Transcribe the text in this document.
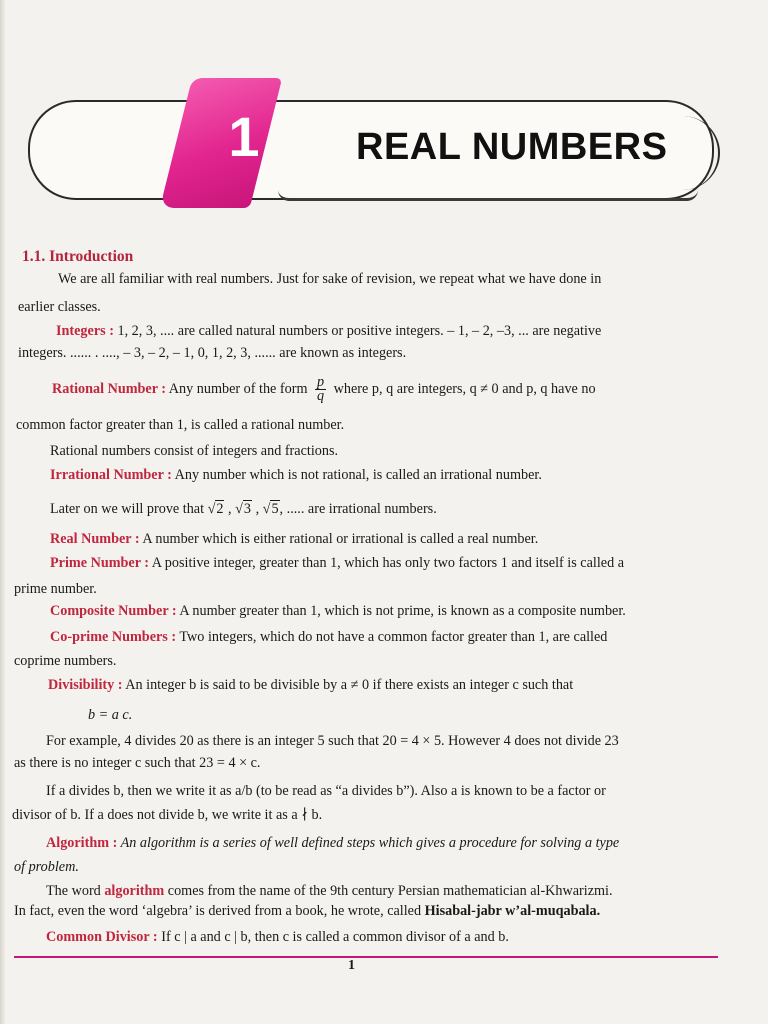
1	REAL NUMBERS
1.1. Introduction
We are all familiar with real numbers. Just for sake of revision, we repeat what we have done in
earlier classes.
Integers : 1, 2, 3, .... are called natural numbers or positive integers. – 1, – 2, –3, ... are negative
integers. ...... . ...., – 3, – 2, – 1, 0, 1, 2, 3, ...... are known as integers.
Rational Number : Any number of the form $\frac{p}{q}$ where p, q are integers, q ≠ 0 and p, q have no
common factor greater than 1, is called a rational number.
Rational numbers consist of integers and fractions.
Irrational Number : Any number which is not rational, is called an irrational number.
Later on we will prove that √2 , √3 , √5, ..... are irrational numbers.
Real Number : A number which is either rational or irrational is called a real number.
Prime Number : A positive integer, greater than 1, which has only two factors 1 and itself is called a
prime number.
Composite Number : A number greater than 1, which is not prime, is known as a composite number.
Co-prime Numbers : Two integers, which do not have a common factor greater than 1, are called
coprime numbers.
Divisibility : An integer b is said to be divisible by a ≠ 0 if there exists an integer c such that
b = a c.
For example, 4 divides 20 as there is an integer 5 such that 20 = 4 × 5. However 4 does not divide 23
as there is no integer c such that 23 = 4 × c.
If a divides b, then we write it as a/b (to be read as “a divides b”). Also a is known to be a factor or
divisor of b. If a does not divide b, we write it as a ∤ b.
Algorithm : An algorithm is a series of well defined steps which gives a procedure for solving a type
of problem.
The word algorithm comes from the name of the 9th century Persian mathematician al-Khwarizmi.
In fact, even the word ‘algebra’ is derived from a book, he wrote, called Hisabal-jabr w’al-muqabala.
Common Divisor : If c | a and c | b, then c is called a common divisor of a and b.
1
